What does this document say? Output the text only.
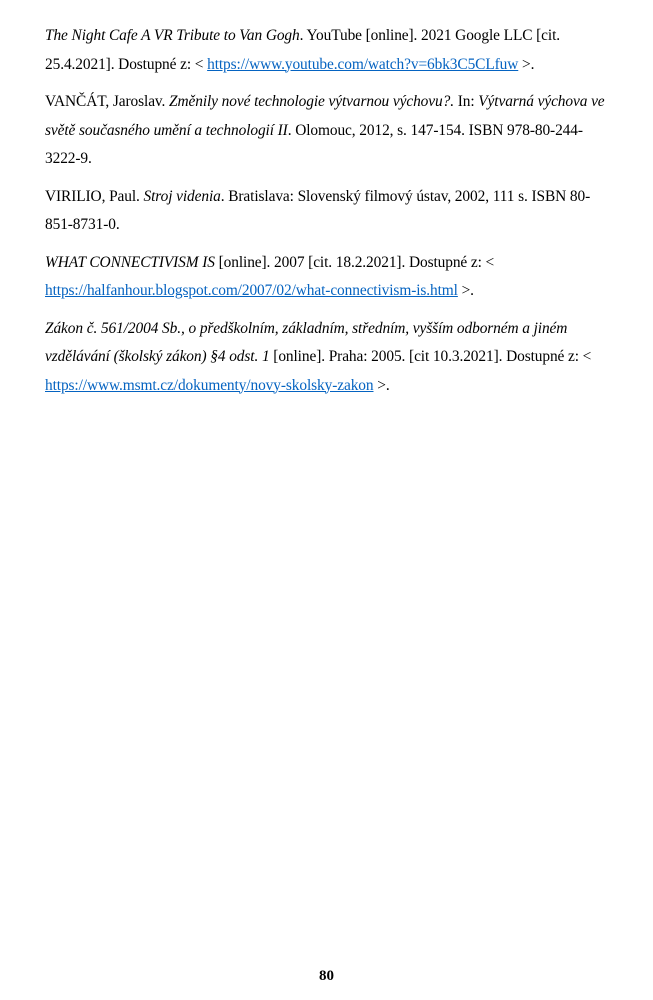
The Night Cafe A VR Tribute to Van Gogh. YouTube [online]. 2021 Google LLC [cit. 25.4.2021]. Dostupné z: < https://www.youtube.com/watch?v=6bk3C5CLfuw >.

VANČÁT, Jaroslav. Změnily nové technologie výtvarnou výchovu?. In: Výtvarná výchova ve světě současného umění a technologií II. Olomouc, 2012, s. 147-154. ISBN 978-80-244-3222-9.

VIRILIO, Paul. Stroj videnia. Bratislava: Slovenský filmový ústav, 2002, 111 s. ISBN 80-851-8731-0.

WHAT CONNECTIVISM IS [online]. 2007 [cit. 18.2.2021]. Dostupné z: < https://halfanhour.blogspot.com/2007/02/what-connectivism-is.html >.

Zákon č. 561/2004 Sb., o předškolním, základním, středním, vyšším odborném a jiném vzdělávání (školský zákon) §4 odst. 1 [online]. Praha: 2005. [cit 10.3.2021]. Dostupné z: < https://www.msmt.cz/dokumenty/novy-skolsky-zakon >.

80
